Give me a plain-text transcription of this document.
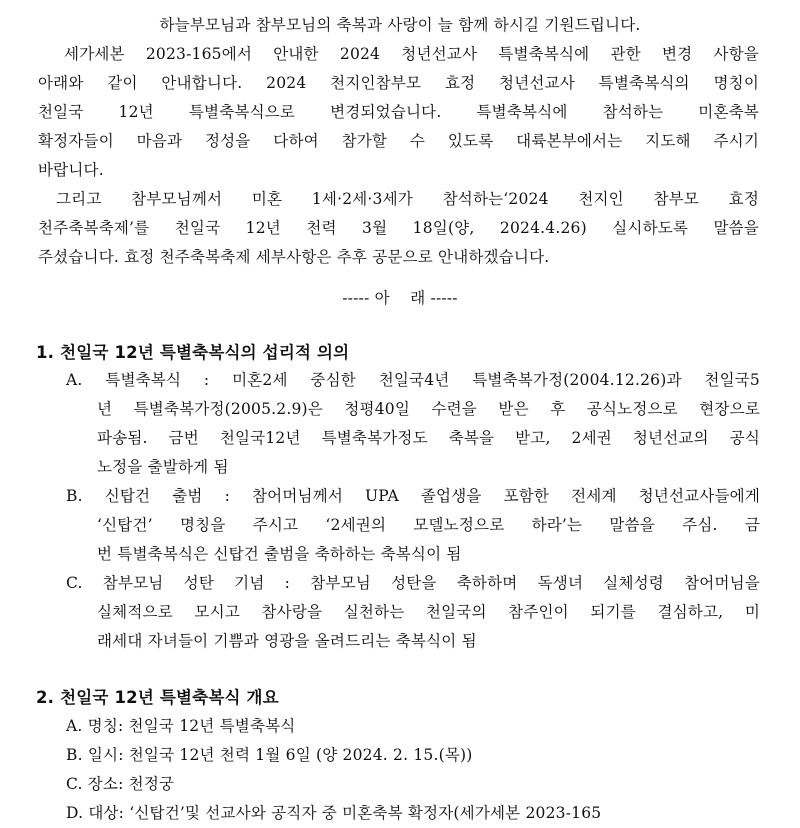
하늘부모님과 참부모님의 축복과 사랑이 늘 함께 하시길 기원드립니다.
세가세본 2023-165에서 안내한 2024 청년선교사 특별축복식에 관한 변경 사항을
아래와 같이 안내합니다. 2024 천지인참부모 효정 청년선교사 특별축복식의 명칭이
천일국 12년 특별축복식으로 변경되었습니다. 특별축복식에 참석하는 미혼축복
확정자들이 마음과 정성을 다하여 참가할 수 있도록 대륙본부에서는 지도해 주시기
바랍니다.
그리고 참부모님께서 미혼 1세·2세·3세가 참석하는‘2024 천지인 참부모 효정
천주축복축제’를 천일국 12년 천력 3월 18일(양, 2024.4.26) 실시하도록 말씀을
주셨습니다. 효정 천주축복축제 세부사항은 추후 공문으로 안내하겠습니다.
----- 아    래 -----
1. 천일국 12년 특별축복식의 섭리적 의의
A. 특별축복식 : 미혼2세 중심한 천일국4년 특별축복가정(2004.12.26)과 천일국5
년 특별축복가정(2005.2.9)은 청평40일 수련을 받은 후 공식노정으로 현장으로
파송됨. 금번 천일국12년 특별축복가정도 축복을 받고, 2세권 청년선교의 공식
노정을 출발하게 됨
B. 신탑건 출범 : 참어머님께서 UPA 졸업생을 포함한 전세계 청년선교사들에게
‘신탑건’ 명칭을 주시고 ‘2세권의 모델노정으로 하라’는 말씀을 주심. 금
번 특별축복식은 신탑건 출범을 축하하는 축복식이 됨
C. 참부모님 성탄 기념 : 참부모님 성탄을 축하하며 독생녀 실체성령 참어머님을
실체적으로 모시고 참사랑을 실천하는 천일국의 참주인이 되기를 결심하고, 미
래세대 자녀들이 기쁨과 영광을 올려드리는 축복식이 됨
2. 천일국 12년 특별축복식 개요
A. 명칭: 천일국 12년 특별축복식
B. 일시: 천일국 12년 천력 1월 6일 (양 2024. 2. 15.(목))
C. 장소: 천정궁
D. 대상: ‘신탑건’및 선교사와 공직자 중 미혼축복 확정자(세가세본 2023-165
